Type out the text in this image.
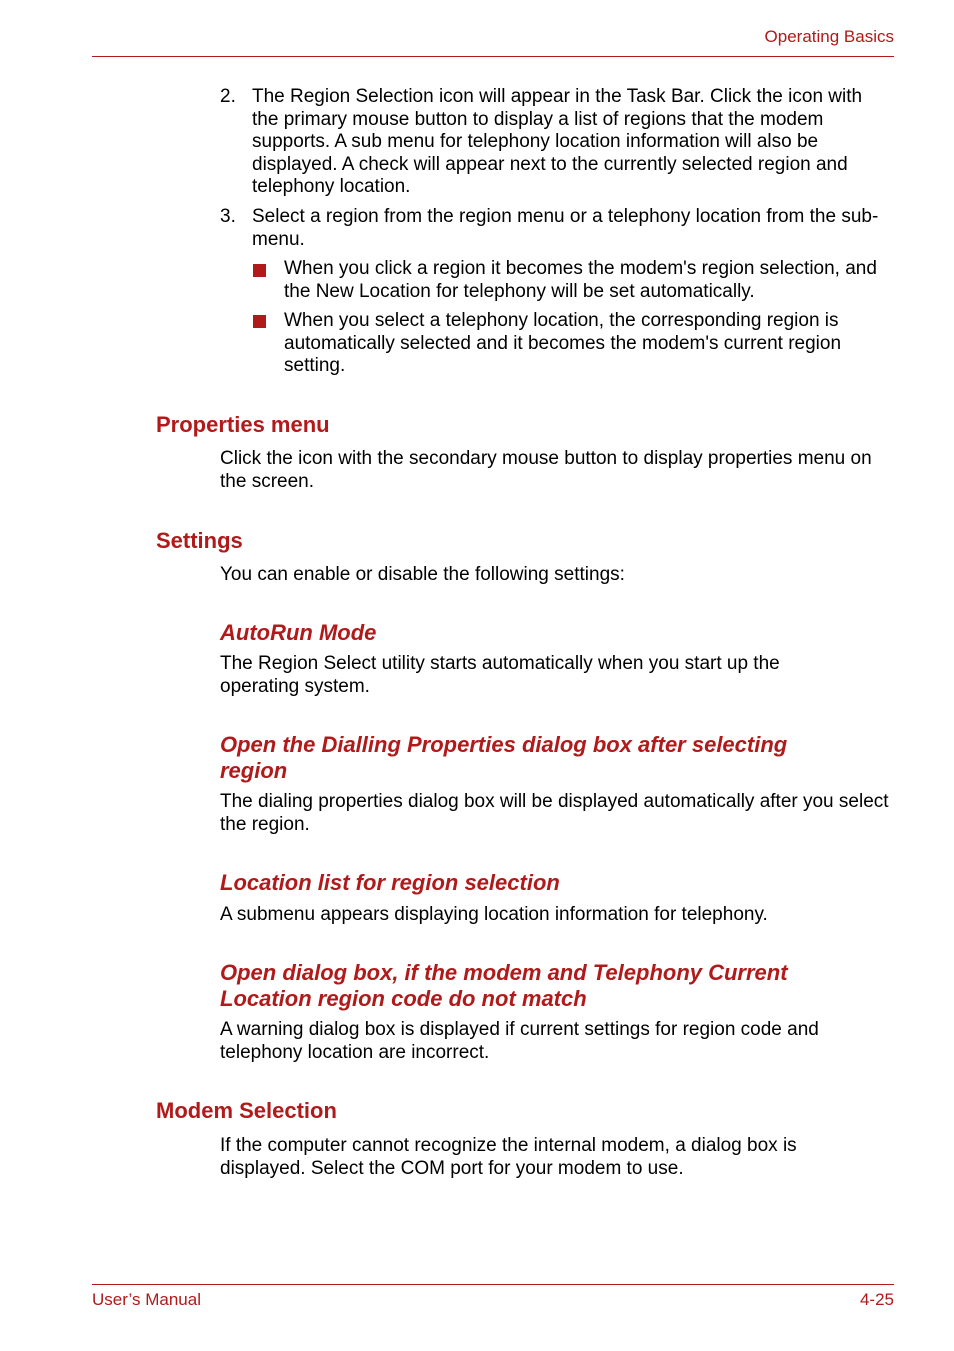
Operating Basics
2. The Region Selection icon will appear in the Task Bar. Click the icon with the primary mouse button to display a list of regions that the modem supports. A sub menu for telephony location information will also be displayed. A check will appear next to the currently selected region and telephony location.
3. Select a region from the region menu or a telephony location from the sub-menu.
When you click a region it becomes the modem's region selection, and the New Location for telephony will be set automatically.
When you select a telephony location, the corresponding region is automatically selected and it becomes the modem's current region setting.
Properties menu
Click the icon with the secondary mouse button to display properties menu on the screen.
Settings
You can enable or disable the following settings:
AutoRun Mode
The Region Select utility starts automatically when you start up the operating system.
Open the Dialling Properties dialog box after selecting region
The dialing properties dialog box will be displayed automatically after you select the region.
Location list for region selection
A submenu appears displaying location information for telephony.
Open dialog box, if the modem and Telephony Current Location region code do not match
A warning dialog box is displayed if current settings for region code and telephony location are incorrect.
Modem Selection
If the computer cannot recognize the internal modem, a dialog box is displayed. Select the COM port for your modem to use.
User’s Manual	4-25
